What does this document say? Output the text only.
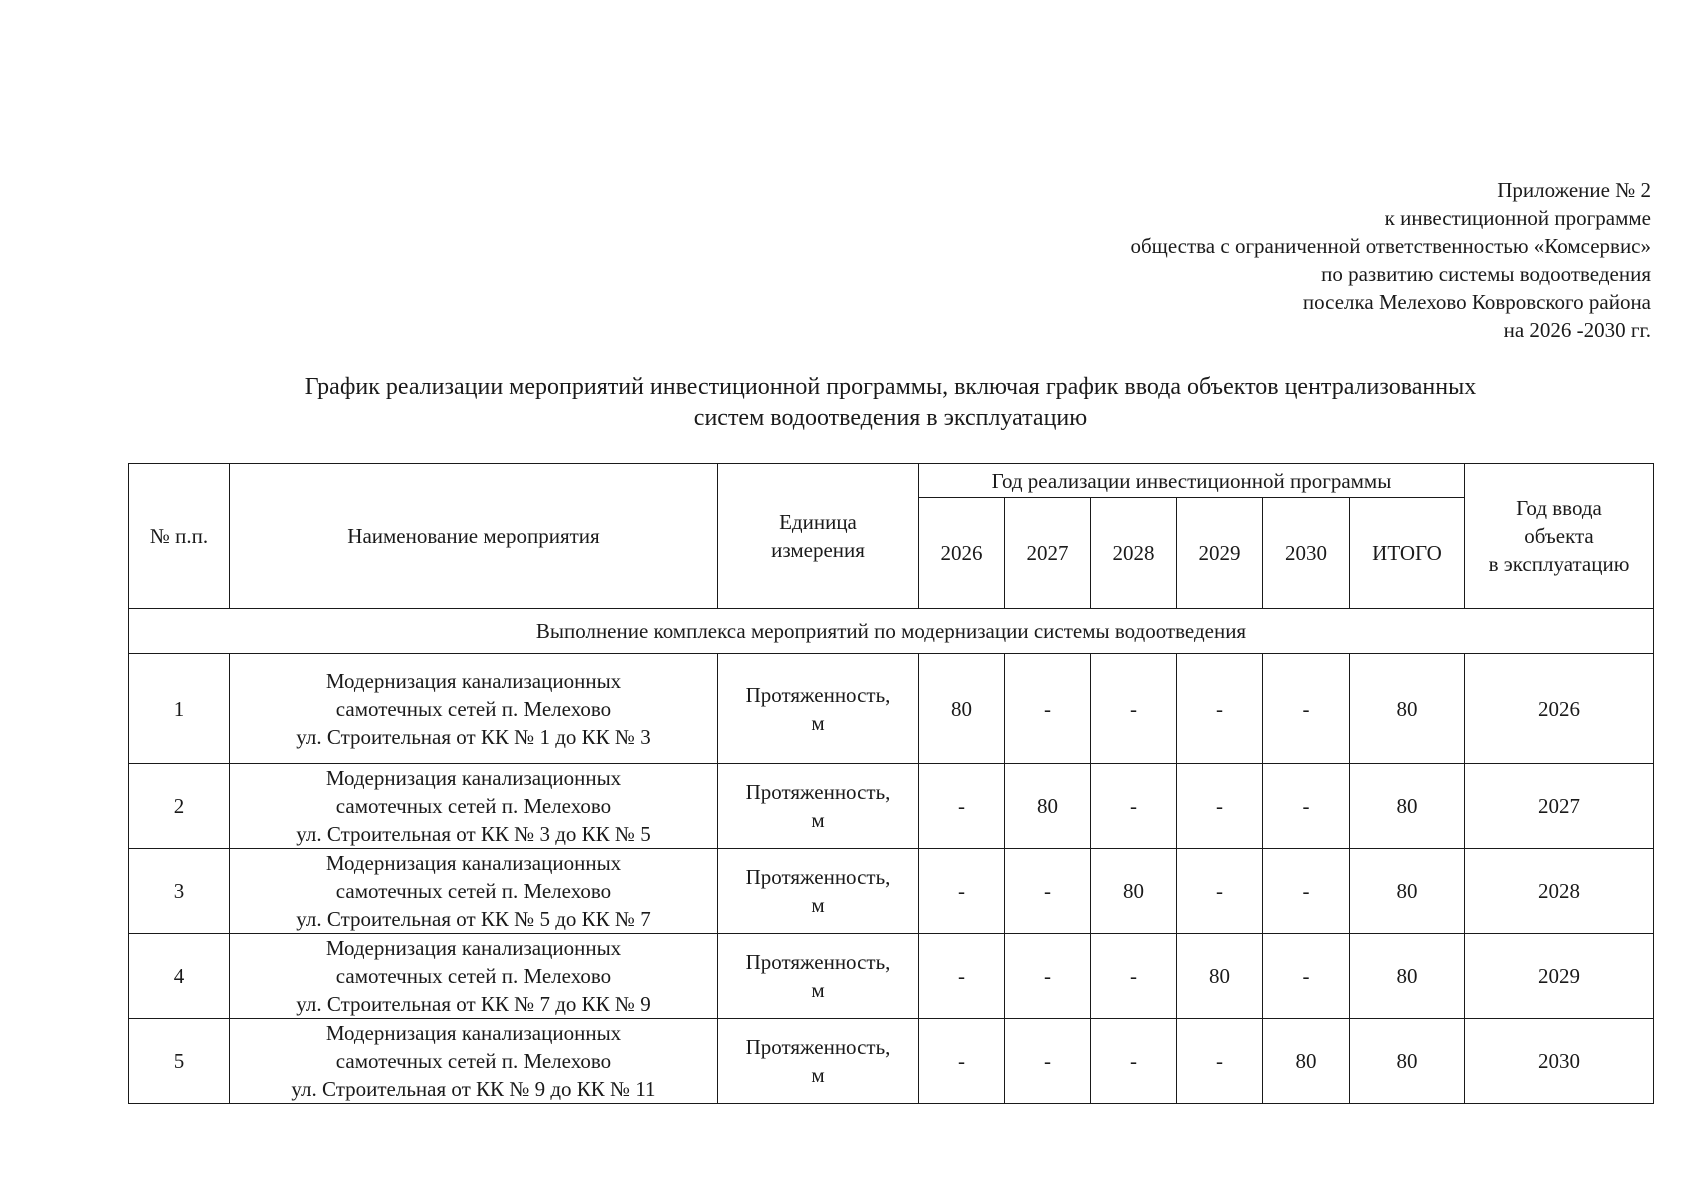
Приложение № 2
к инвестиционной программе
общества с ограниченной ответственностью «Комсервис»
по развитию системы водоотведения
поселка Мелехово Ковровского района
на 2026 -2030 гг.
График реализации мероприятий инвестиционной программы, включая график ввода объектов централизованных
систем водоотведения в эксплуатацию
№ п.п.	Наименование мероприятия	Единица
измерения	Год реализации инвестиционной программы						Год ввода
объекта
в эксплуатацию

			2026	2027	2028	2029	2030	ИТОГО	
Выполнение комплекса мероприятий по модернизации системы водоотведения									
1	Модернизация канализационных
самотечных сетей п. Мелехово
ул. Строительная от КК № 1 до КК № 3	Протяженность,
м	80	-	-	-	-	80	2026
2	Модернизация канализационных
самотечных сетей п. Мелехово
ул. Строительная от КК № 3 до КК № 5	Протяженность,
м	-	80	-	-	-	80	2027
3	Модернизация канализационных
самотечных сетей п. Мелехово
ул. Строительная от КК № 5 до КК № 7	Протяженность,
м	-	-	80	-	-	80	2028
4	Модернизация канализационных
самотечных сетей п. Мелехово
ул. Строительная от КК № 7 до КК № 9	Протяженность,
м	-	-	-	80	-	80	2029
5	Модернизация канализационных
самотечных сетей п. Мелехово
ул. Строительная от КК № 9 до КК № 11	Протяженность,
м	-	-	-	-	80	80	2030
